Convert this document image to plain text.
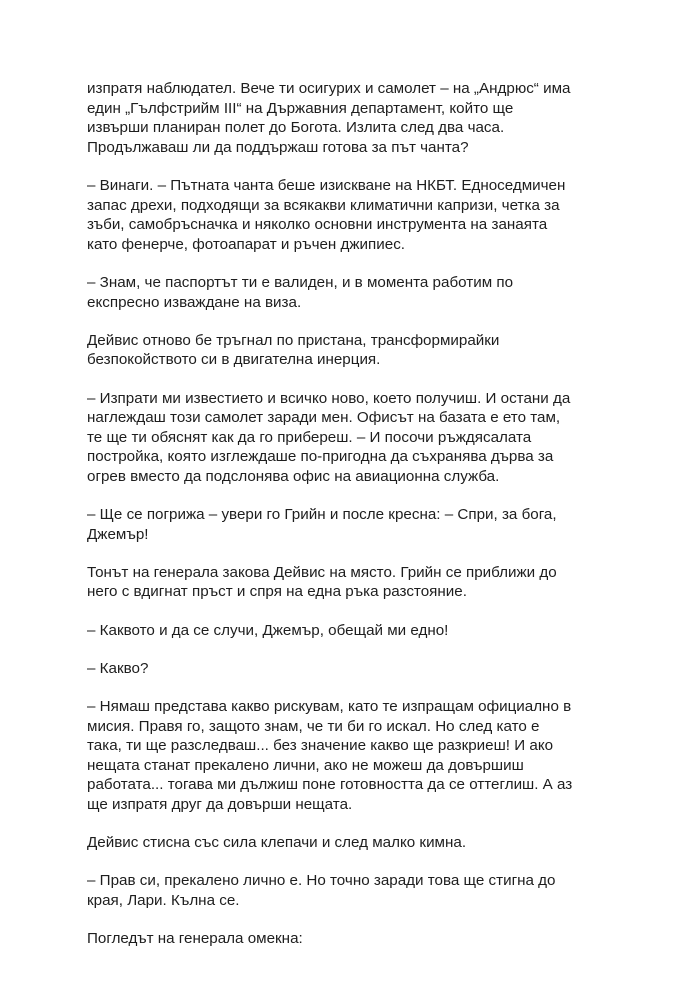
изпратя наблюдател. Вече ти осигурих и самолет – на „Андрюс“ има
един „Гълфстрийм III“ на Държавния департамент, който ще
извърши планиран полет до Богота. Излита след два часа.
Продължаваш ли да поддържаш готова за път чанта?

– Винаги. – Пътната чанта беше изискване на НКБТ. Едноседмичен
запас дрехи, подходящи за всякакви климатични капризи, четка за
зъби, самобръсначка и няколко основни инструмента на занаята
като фенерче, фотоапарат и ръчен джипиес.

– Знам, че паспортът ти е валиден, и в момента работим по
експресно изваждане на виза.

Дейвис отново бе тръгнал по пристана, трансформирайки
безпокойството си в двигателна инерция.

– Изпрати ми известието и всичко ново, което получиш. И остани да
наглеждаш този самолет заради мен. Офисът на базата е ето там,
те ще ти обяснят как да го прибереш. – И посочи ръждясалата
постройка, която изглеждаше по-пригодна да съхранява дърва за
огрев вместо да подслонява офис на авиационна служба.

– Ще се погрижа – увери го Грийн и после кресна: – Спри, за бога,
Джемър!

Тонът на генерала закова Дейвис на място. Грийн се приближи до
него с вдигнат пръст и спря на една ръка разстояние.

– Каквото и да се случи, Джемър, обещай ми едно!

– Какво?

– Нямаш представа какво рискувам, като те изпращам официално в
мисия. Правя го, защото знам, че ти би го искал. Но след като е
така, ти ще разследваш... без значение какво ще разкриеш! И ако
нещата станат прекалено лични, ако не можеш да довършиш
работата... тогава ми дължиш поне готовността да се оттеглиш. А аз
ще изпратя друг да довърши нещата.

Дейвис стисна със сила клепачи и след малко кимна.

– Прав си, прекалено лично е. Но точно заради това ще стигна до
края, Лари. Кълна се.

Погледът на генерала омекна:
